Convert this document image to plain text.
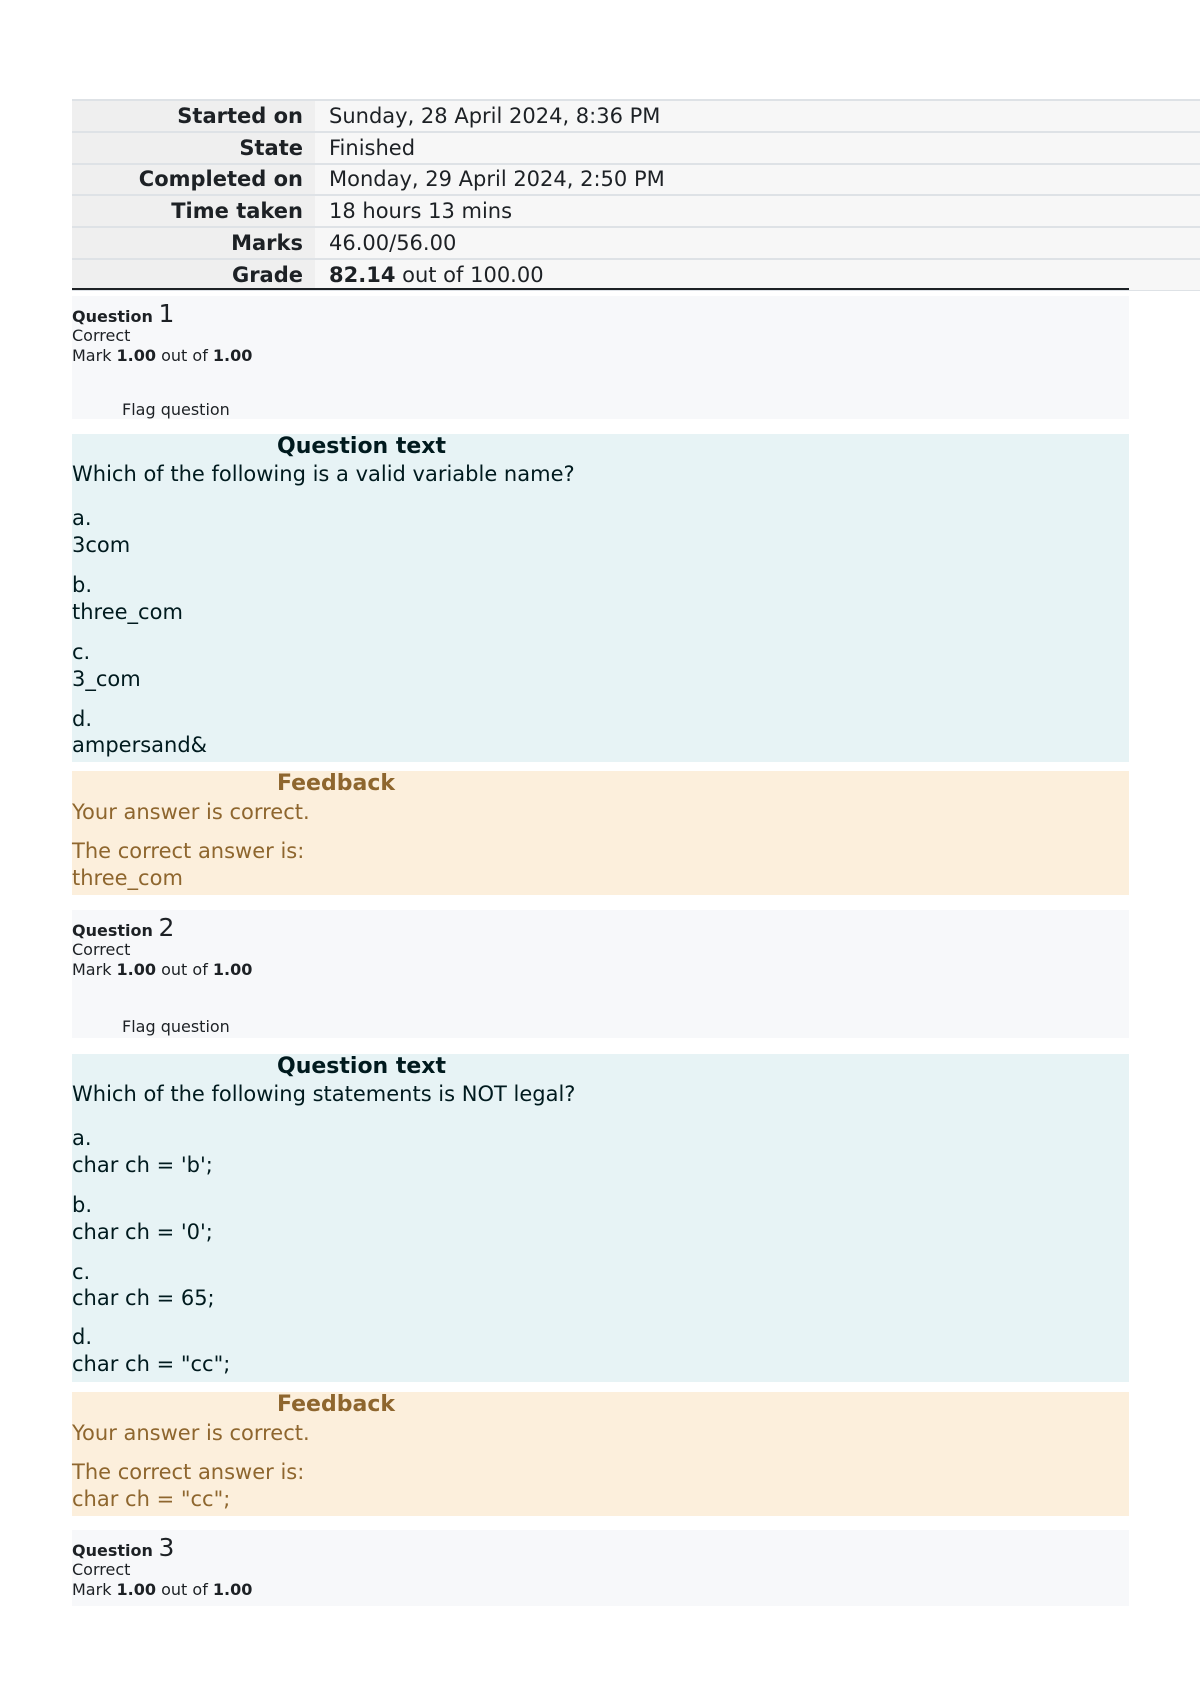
Started on	Sunday, 28 April 2024, 8:36 PM
State	Finished
Completed on	Monday, 29 April 2024, 2:50 PM
Time taken	18 hours 13 mins
Marks	46.00/56.00
Grade	82.14 out of 100.00
Question 1
Correct
Mark 1.00 out of 1.00
Flag question
Question text
Which of the following is a valid variable name?
a.
3com
b.
three_com
c.
3_com
d.
ampersand&
Feedback
Your answer is correct.
The correct answer is:
three_com
Question 2
Correct
Mark 1.00 out of 1.00
Flag question
Question text
Which of the following statements is NOT legal?
a.
char ch = 'b';
b.
char ch = '0';
c.
char ch = 65;
d.
char ch = "cc";
Feedback
Your answer is correct.
The correct answer is:
char ch = "cc";
Question 3
Correct
Mark 1.00 out of 1.00
